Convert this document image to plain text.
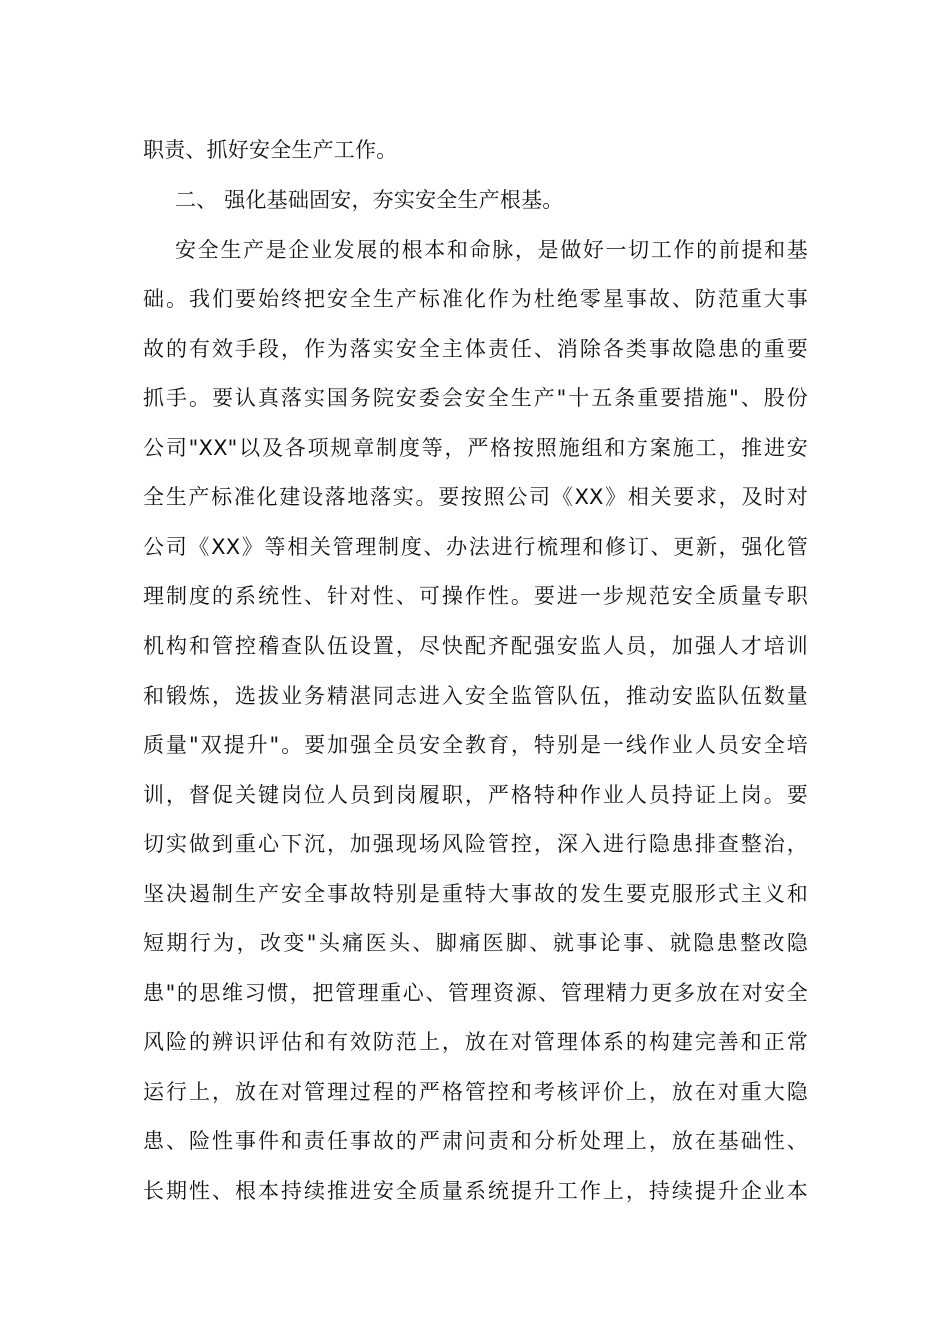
职责、抓好安全生产工作。
二、 强化基础固安，夯实安全生产根基。
安全生产是企业发展的根本和命脉，是做好一切工作的前提和基
础。我们要始终把安全生产标准化作为杜绝零星事故、防范重大事
故的有效手段，作为落实安全主体责任、消除各类事故隐患的重要
抓手。要认真落实国务院安委会安全生产"十五条重要措施"、股份
公司"XX"以及各项规章制度等，严格按照施组和方案施工，推进安
全生产标准化建设落地落实。要按照公司《XX》相关要求，及时对
公司《XX》等相关管理制度、办法进行梳理和修订、更新，强化管
理制度的系统性、针对性、可操作性。要进一步规范安全质量专职
机构和管控稽查队伍设置，尽快配齐配强安监人员，加强人才培训
和锻炼，选拔业务精湛同志进入安全监管队伍，推动安监队伍数量
质量"双提升"。要加强全员安全教育，特别是一线作业人员安全培
训，督促关键岗位人员到岗履职，严格特种作业人员持证上岗。要
切实做到重心下沉，加强现场风险管控，深入进行隐患排查整治，
坚决遏制生产安全事故特别是重特大事故的发生要克服形式主义和
短期行为，改变"头痛医头、脚痛医脚、就事论事、就隐患整改隐
患"的思维习惯，把管理重心、管理资源、管理精力更多放在对安全
风险的辨识评估和有效防范上，放在对管理体系的构建完善和正常
运行上，放在对管理过程的严格管控和考核评价上，放在对重大隐
患、险性事件和责任事故的严肃问责和分析处理上，放在基础性、
长期性、根本持续推进安全质量系统提升工作上，持续提升企业本
